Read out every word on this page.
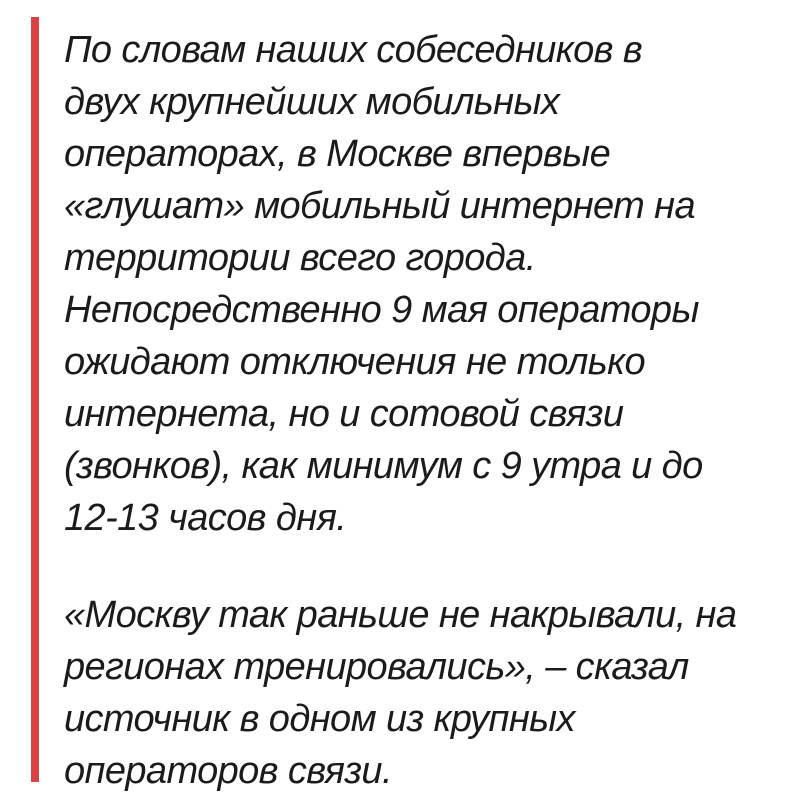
По словам наших собеседников в
двух крупнейших мобильных
операторах, в Москве впервые
«глушат» мобильный интернет на
территории всего города.
Непосредственно 9 мая операторы
ожидают отключения не только
интернета, но и сотовой связи
(звонков), как минимум с 9 утра и до
12-13 часов дня.
«Москву так раньше не накрывали, на
регионах тренировались», – сказал
источник в одном из крупных
операторов связи.
